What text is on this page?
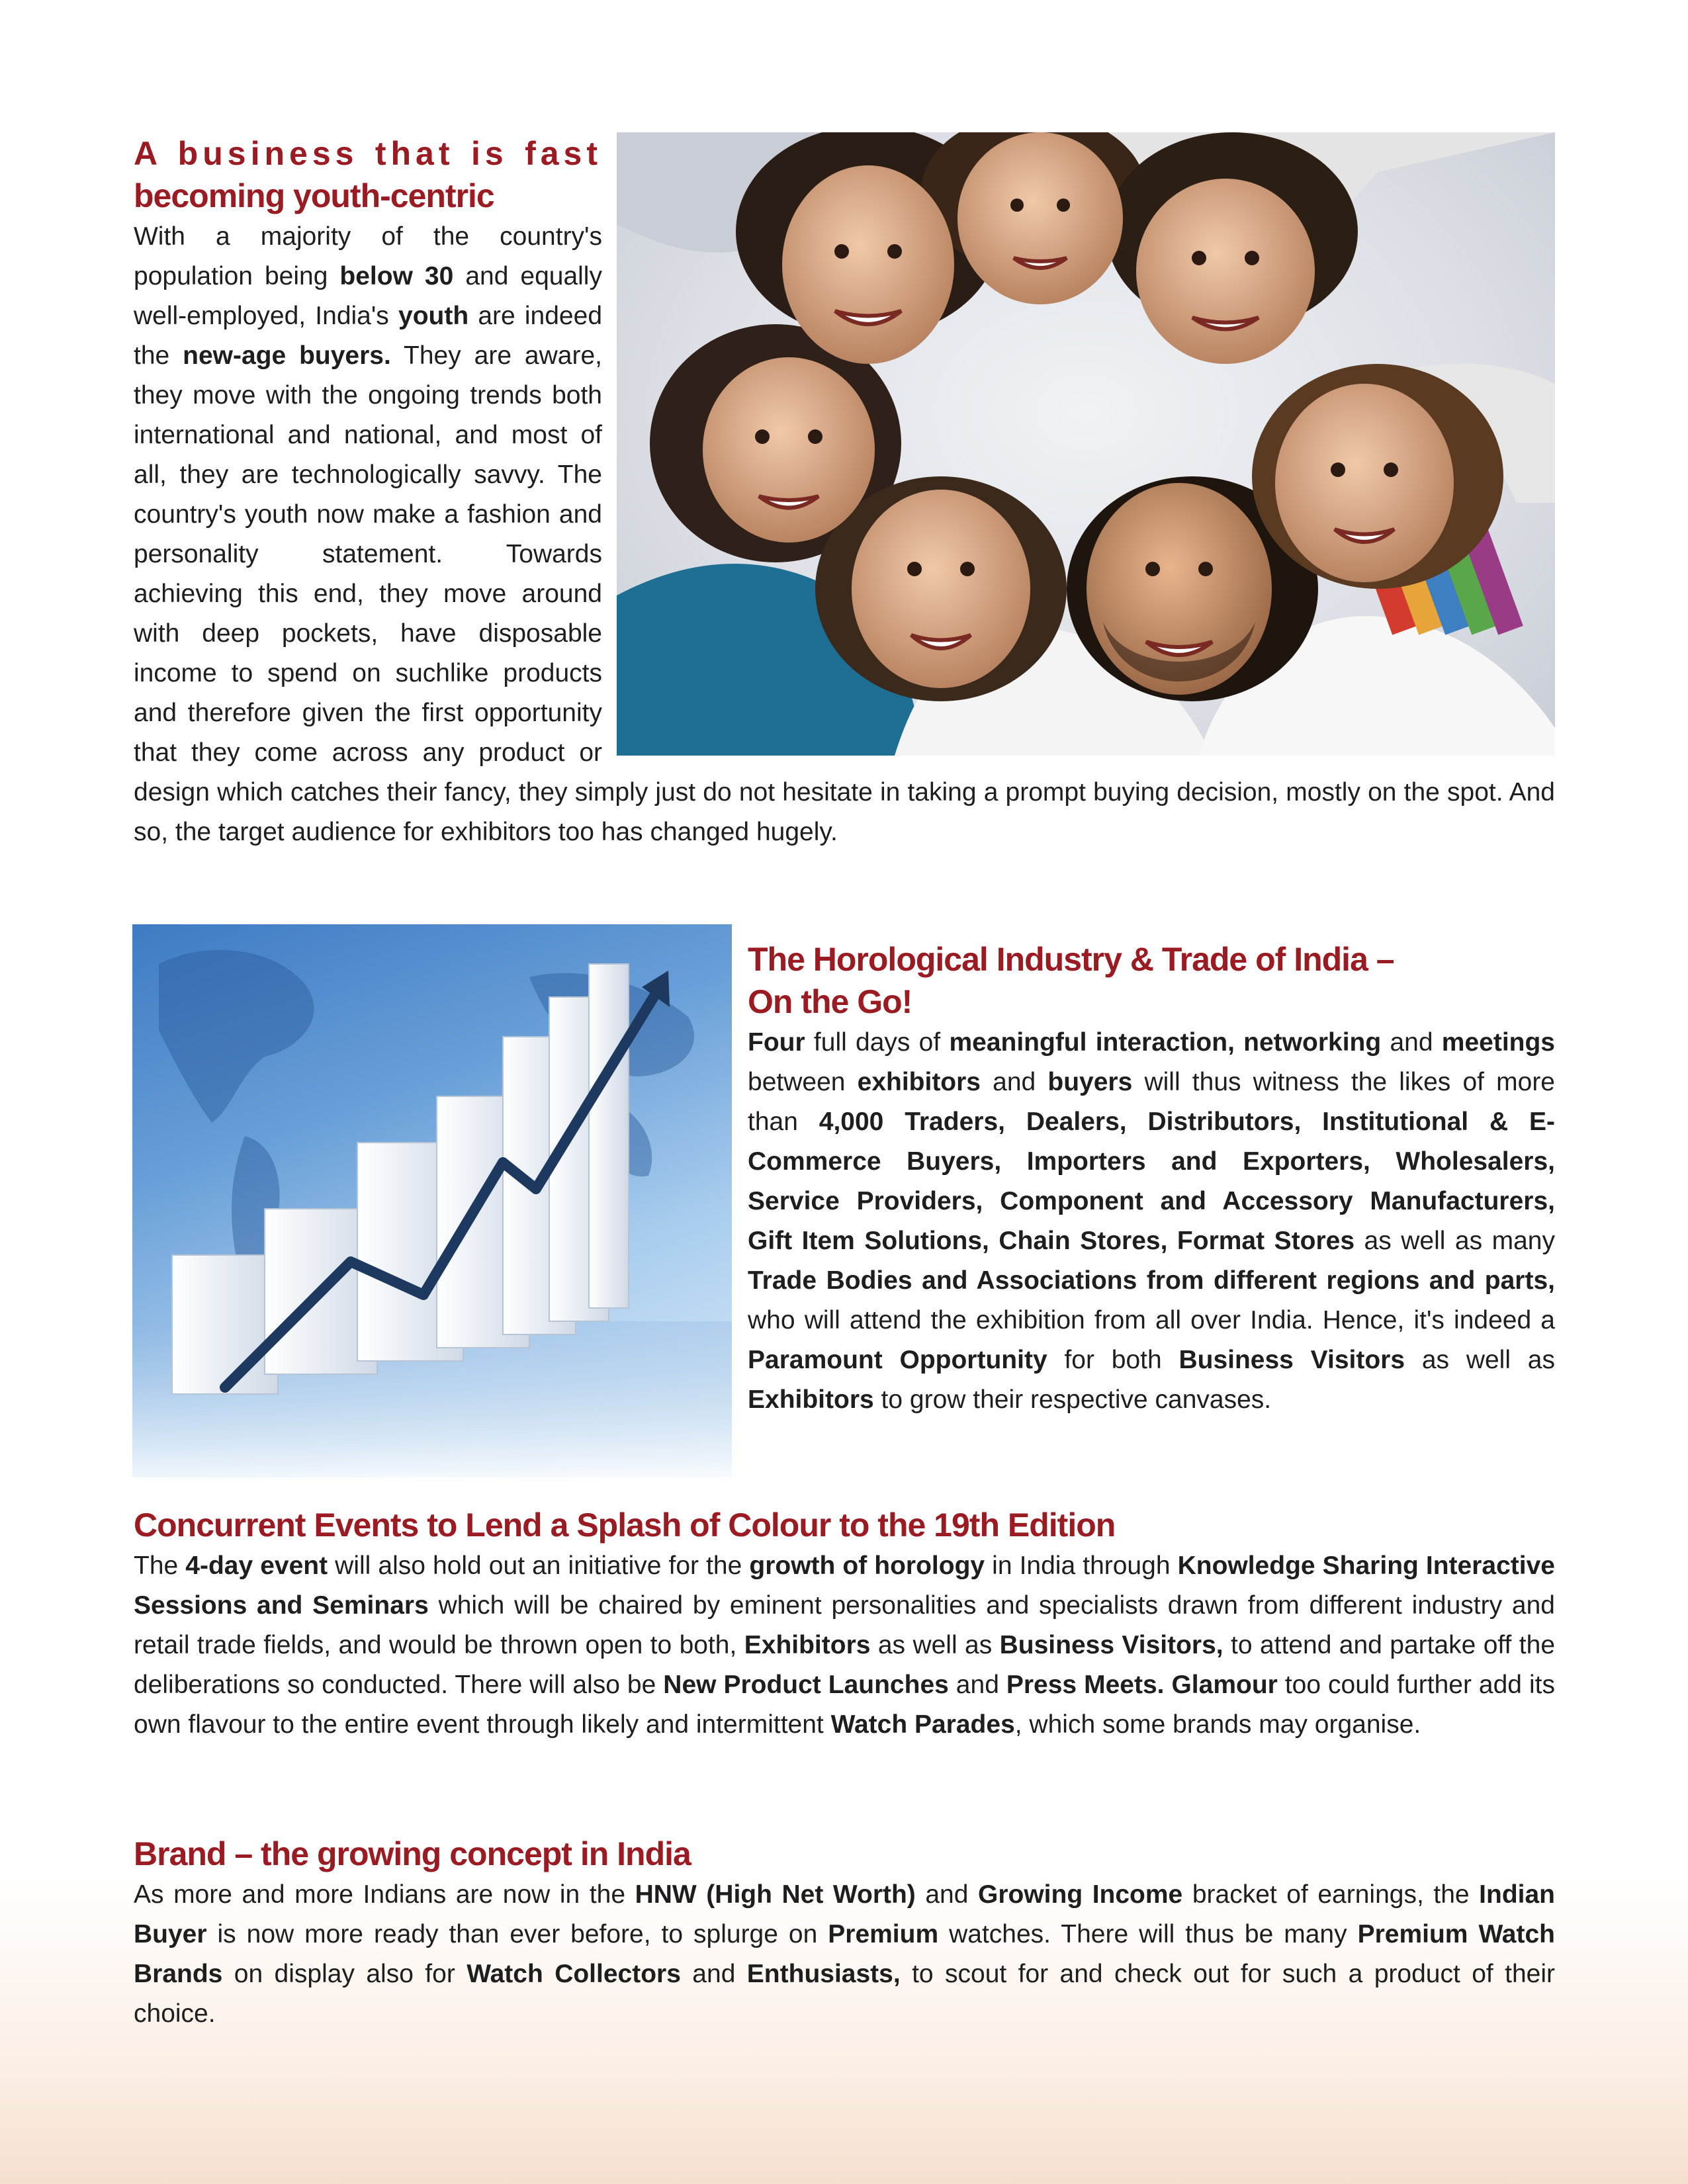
A business that is fast
becoming youth-centric

With a majority of the country's population being below 30 and equally well-employed, India's youth are indeed the new-age buyers. They are aware, they move with the ongoing trends both international and national, and most of all, they are technologically savvy. The country's youth now make a fashion and personality statement. Towards achieving this end, they move around with deep pockets, have disposable income to spend on suchlike products and therefore given the first opportunity that they come across any product or design which catches their fancy, they simply just do not hesitate in taking a prompt buying decision, mostly on the spot. And so, the target audience for exhibitors too has changed hugely.

The Horological Industry & Trade of India –
On the Go!

Four full days of meaningful interaction, networking and meetings between exhibitors and buyers will thus witness the likes of more than 4,000 Traders, Dealers, Distributors, Institutional & E-Commerce Buyers, Importers and Exporters, Wholesalers, Service Providers, Component and Accessory Manufacturers, Gift Item Solutions, Chain Stores, Format Stores as well as many Trade Bodies and Associations from different regions and parts, who will attend the exhibition from all over India. Hence, it's indeed a Paramount Opportunity for both Business Visitors as well as Exhibitors to grow their respective canvases.

Concurrent Events to Lend a Splash of Colour to the 19th Edition

The 4-day event will also hold out an initiative for the growth of horology in India through Knowledge Sharing Interactive Sessions and Seminars which will be chaired by eminent personalities and specialists drawn from different industry and retail trade fields, and would be thrown open to both, Exhibitors as well as Business Visitors, to attend and partake off the deliberations so conducted. There will also be New Product Launches and Press Meets. Glamour too could further add its own flavour to the entire event through likely and intermittent Watch Parades, which some brands may organise.

Brand – the growing concept in India

As more and more Indians are now in the HNW (High Net Worth) and Growing Income bracket of earnings, the Indian Buyer is now more ready than ever before, to splurge on Premium watches. There will thus be many Premium Watch Brands on display also for Watch Collectors and Enthusiasts, to scout for and check out for such a product of their choice.
